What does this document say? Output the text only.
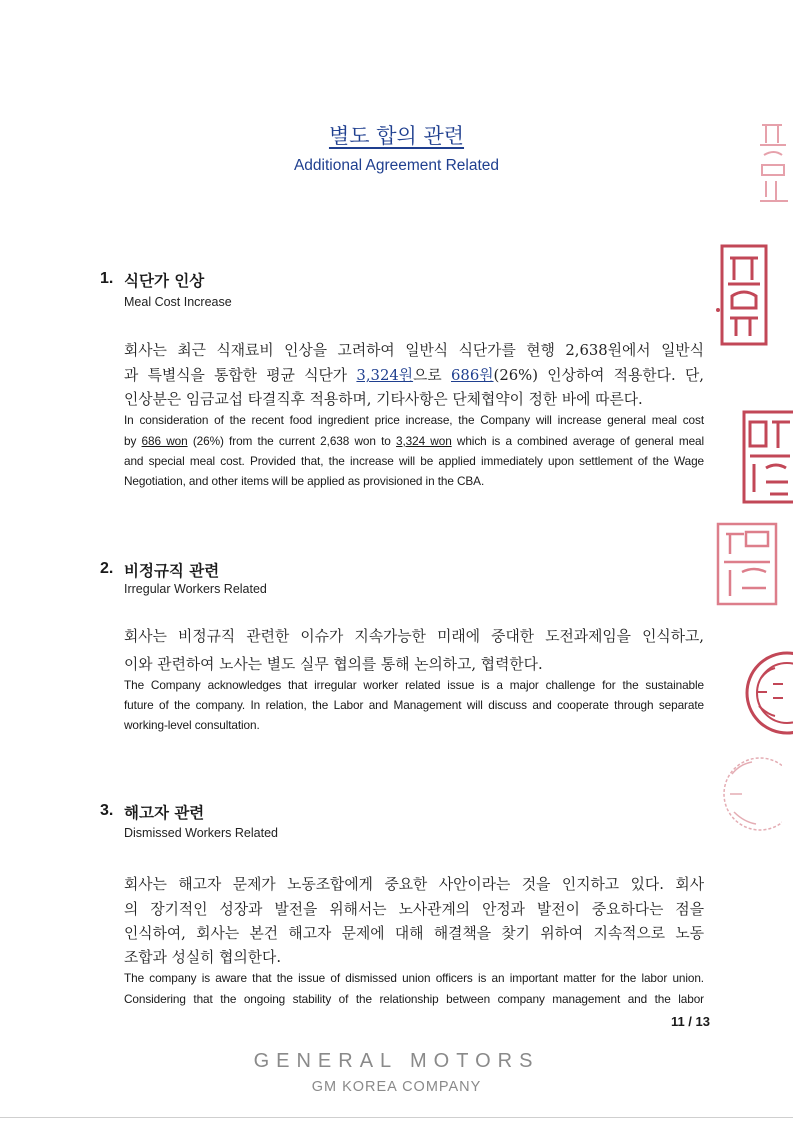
별도 합의 관련
Additional Agreement Related
1. 식단가 인상
Meal Cost Increase
회사는 최근 식재료비 인상을 고려하여 일반식 식단가를 현행 2,638원에서 일반식
과 특별식을 통합한 평균 식단가 3,324원으로 686원(26%) 인상하여 적용한다. 단,
인상분은 임금교섭 타결직후 적용하며, 기타사항은 단체협약이 정한 바에 따른다.
In consideration of the recent food ingredient price increase, the Company will increase general meal cost
by 686 won (26%) from the current 2,638 won to 3,324 won which is a combined average of general meal
and special meal cost. Provided that, the increase will be applied immediately upon settlement of the Wage
Negotiation, and other items will be applied as provisioned in the CBA.
2. 비정규직 관련
Irregular Workers Related
회사는 비정규직 관련한 이슈가 지속가능한 미래에 중대한 도전과제임을 인식하고,
이와 관련하여 노사는 별도 실무 협의를 통해 논의하고, 협력한다.
The Company acknowledges that irregular worker related issue is a major challenge for the sustainable
future of the company. In relation, the Labor and Management will discuss and cooperate through separate
working-level consultation.
3. 해고자 관련
Dismissed Workers Related
회사는 해고자 문제가 노동조합에게 중요한 사안이라는 것을 인지하고 있다. 회사
의 장기적인 성장과 발전을 위해서는 노사관계의 안정과 발전이 중요하다는 점을
인식하여, 회사는 본건 해고자 문제에 대해 해결책을 찾기 위하여 지속적으로 노동
조합과 성실히 협의한다.
The company is aware that the issue of dismissed union officers is an important matter for the labor union.
Considering that the ongoing stability of the relationship between company management and the labor
11 / 13
GENERAL MOTORS
GM KOREA COMPANY
